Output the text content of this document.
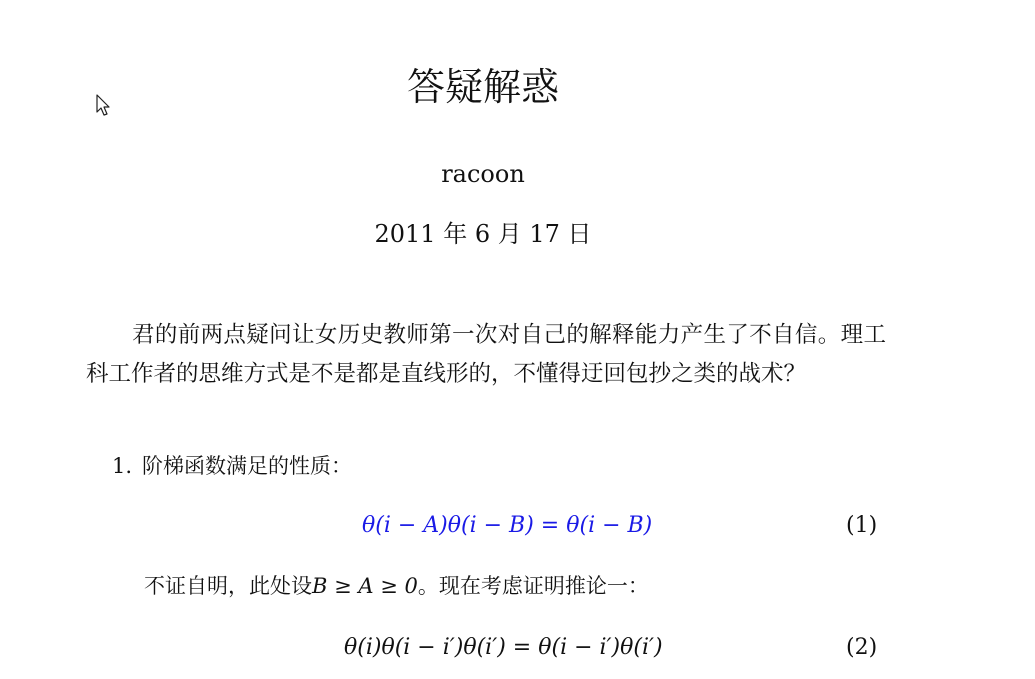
答疑解惑
racoon
2011 年 6 月 17 日
君的前两点疑问让女历史教师第一次对自己的解释能力产生了不自信。理工科工作者的思维方式是不是都是直线形的，不懂得迂回包抄之类的战术？
1. 阶梯函数满足的性质：
θ(i − A)θ(i − B) = θ(i − B)	(1)
不证自明，此处设B ≥ A ≥ 0。现在考虑证明推论一：
θ(i)θ(i − i′)θ(i′) = θ(i − i′)θ(i′)	(2)
